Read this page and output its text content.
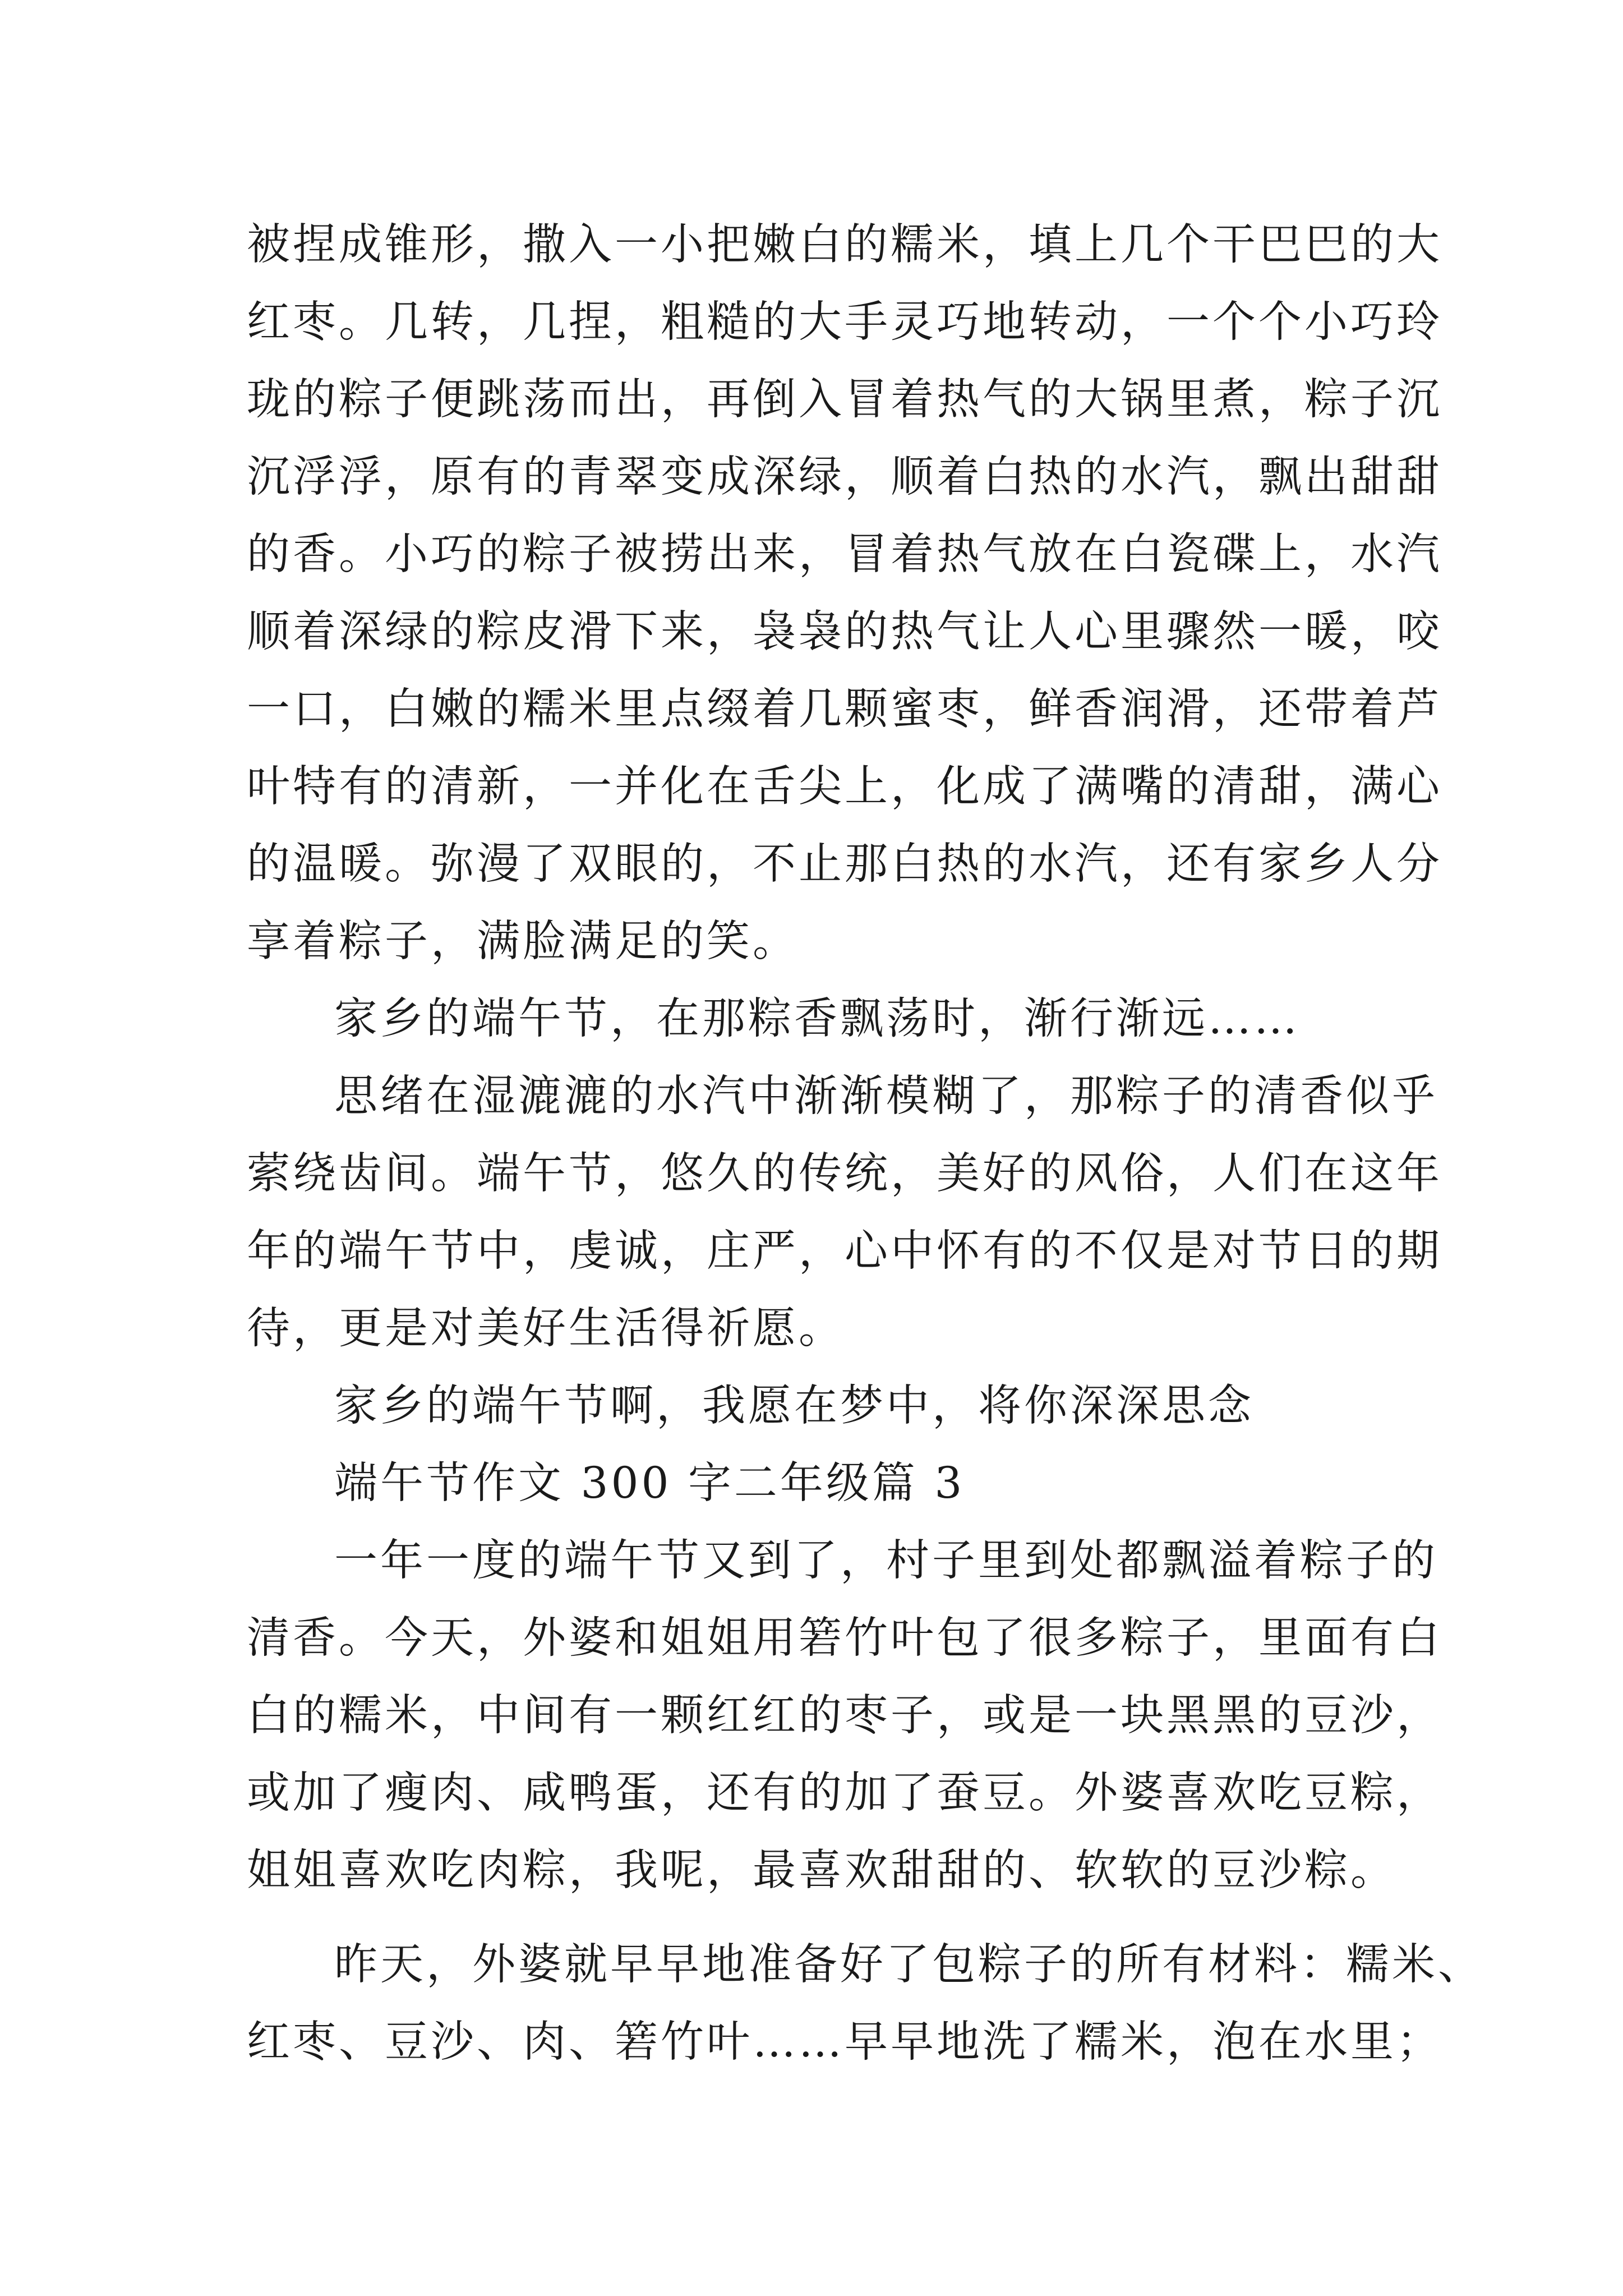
被捏成锥形，撒入一小把嫩白的糯米，填上几个干巴巴的大
红枣。几转，几捏，粗糙的大手灵巧地转动，一个个小巧玲
珑的粽子便跳荡而出，再倒入冒着热气的大锅里煮，粽子沉
沉浮浮，原有的青翠变成深绿，顺着白热的水汽，飘出甜甜
的香。小巧的粽子被捞出来，冒着热气放在白瓷碟上，水汽
顺着深绿的粽皮滑下来，袅袅的热气让人心里骤然一暖，咬
一口，白嫩的糯米里点缀着几颗蜜枣，鲜香润滑，还带着芦
叶特有的清新，一并化在舌尖上，化成了满嘴的清甜，满心
的温暖。弥漫了双眼的，不止那白热的水汽，还有家乡人分
享着粽子，满脸满足的笑。
家乡的端午节，在那粽香飘荡时，渐行渐远……
思绪在湿漉漉的水汽中渐渐模糊了，那粽子的清香似乎
萦绕齿间。端午节，悠久的传统，美好的风俗，人们在这年
年的端午节中，虔诚，庄严，心中怀有的不仅是对节日的期
待，更是对美好生活得祈愿。
家乡的端午节啊，我愿在梦中，将你深深思念
端午节作文 300 字二年级篇 3
一年一度的端午节又到了，村子里到处都飘溢着粽子的
清香。今天，外婆和姐姐用箬竹叶包了很多粽子，里面有白
白的糯米，中间有一颗红红的枣子，或是一块黑黑的豆沙，
或加了瘦肉、咸鸭蛋，还有的加了蚕豆。外婆喜欢吃豆粽，
姐姐喜欢吃肉粽，我呢，最喜欢甜甜的、软软的豆沙粽。
昨天，外婆就早早地准备好了包粽子的所有材料：糯米、
红枣、豆沙、肉、箬竹叶……早早地洗了糯米，泡在水里；
